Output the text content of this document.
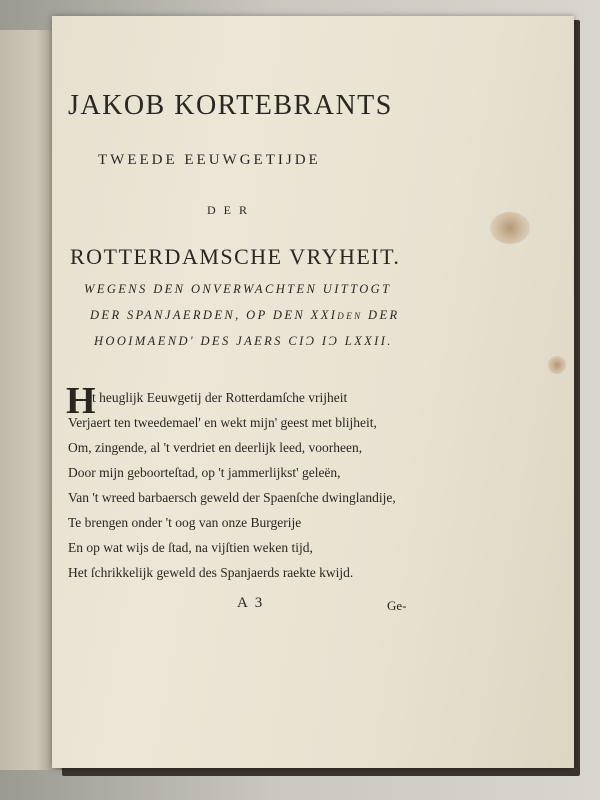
JAKOB KORTEBRANTS
TWEEDE EEUWGETIJDE
DER
ROTTERDAMSCHE VRYHEIT.
WEGENS DEN ONVERWACHTEN UITTOGT
DER SPANJAERDEN, OP DEN XXIden DER
HOOIMAEND' DES JAERS CIƆ IƆ LXXII.
H
et heuglijk Eeuwgetij der Rotterdamſche vrijheit
Verjaert ten tweedemael' en wekt mijn' geest met blijheit,
Om, zingende, al 't verdriet en deerlijk leed, voorheen,
Door mijn geboorteſtad, op 't jammerlijkst' geleën,
Van 't wreed barbaersch geweld der Spaenſche dwinglandije,
Te brengen onder 't oog van onze Burgerije
En op wat wijs de ſtad, na vijſtien weken tijd,
Het ſchrikkelijk geweld des Spanjaerds raekte kwijd.
A 3	Ge-
